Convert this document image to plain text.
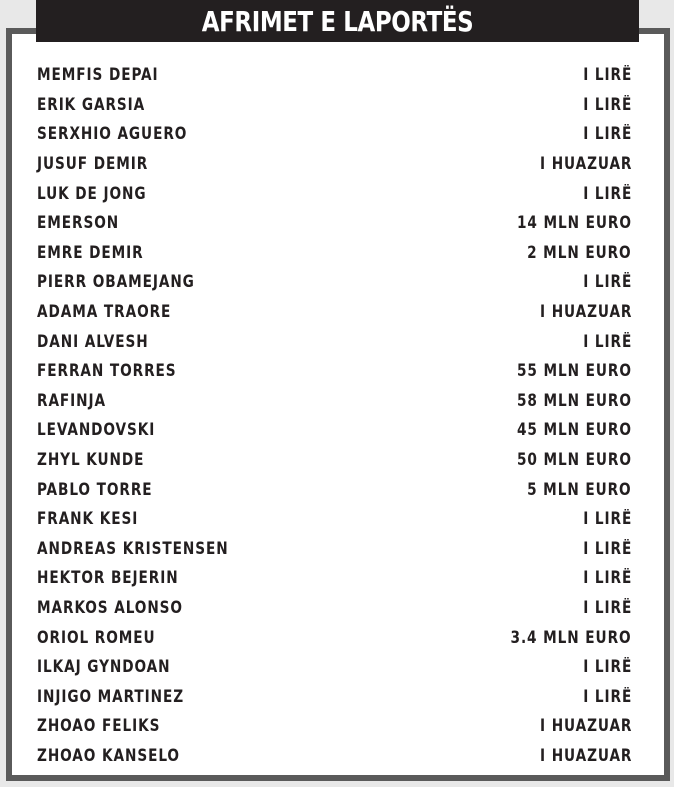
AFRIMET E LAPORTËS
MEMFIS DEPAI	I LIRË
ERIK GARSIA	I LIRË
SERXHIO AGUERO	I LIRË
JUSUF DEMIR	I HUAZUAR
LUK DE JONG	I LIRË
EMERSON	14 MLN EURO
EMRE DEMIR	2 MLN EURO
PIERR OBAMEJANG	I LIRË
ADAMA TRAORE	I HUAZUAR
DANI ALVESH	I LIRË
FERRAN TORRES	55 MLN EURO
RAFINJA	58 MLN EURO
LEVANDOVSKI	45 MLN EURO
ZHYL KUNDE	50 MLN EURO
PABLO TORRE	5 MLN EURO
FRANK KESI	I LIRË
ANDREAS KRISTENSEN	I LIRË
HEKTOR BEJERIN	I LIRË
MARKOS ALONSO	I LIRË
ORIOL ROMEU	3.4 MLN EURO
ILKAJ GYNDOAN	I LIRË
INJIGO MARTINEZ	I LIRË
ZHOAO FELIKS	I HUAZUAR
ZHOAO KANSELO	I HUAZUAR
